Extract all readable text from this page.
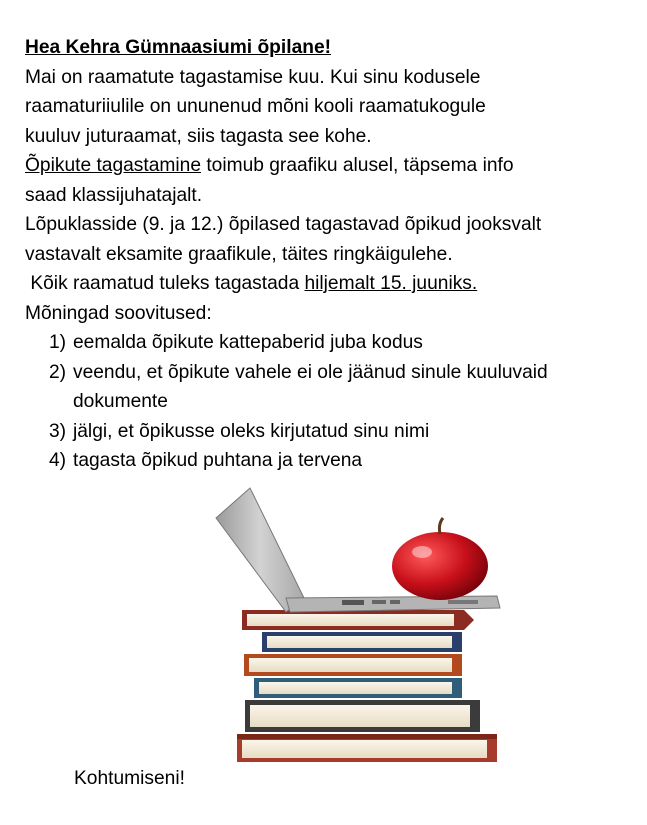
Hea Kehra Gümnaasiumi õpilane!
Mai on raamatute tagastamise kuu. Kui sinu kodusele
raamaturiiulile on ununenud mõni kooli raamatukogule
kuuluv juturaamat, siis tagasta see kohe.
Õpikute tagastamine toimub graafiku alusel, täpsema info
saad klassijuhatajalt.
Lõpuklasside (9. ja 12.) õpilased tagastavad õpikud jooksvalt
vastavalt eksamite graafikule, täites ringkäigulehe.
Kõik raamatud tuleks tagastada hiljemalt 15. juuniks.
Mõningad soovitused:
1) eemalda õpikute kattepaberid juba kodus
2) veendu, et õpikute vahele ei ole jäänud sinule kuuluvaid
dokumente
3) jälgi, et õpikusse oleks kirjutatud sinu nimi
4) tagasta õpikud puhtana ja tervena
Kohtumiseni!
